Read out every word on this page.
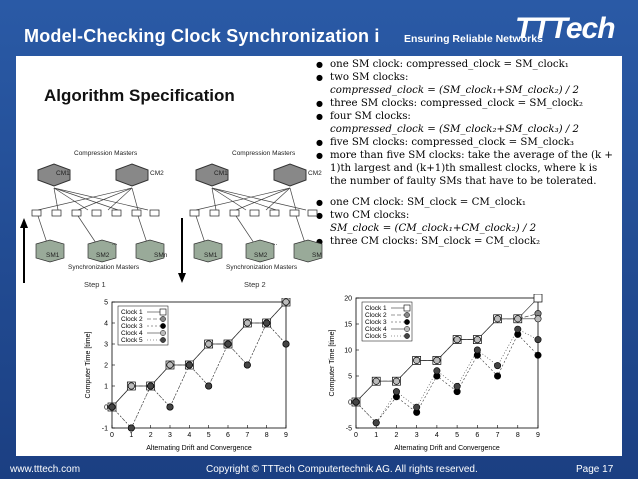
Model-Checking Clock Synchronization i Ensuring Reliable Networks
TTTech
Algorithm Specification
● one SM clock: compressed_clock = SM_clock₁
● two SM clocks:
compressed_clock = (SM_clock₁+SM_clock₂) / 2
● three SM clocks: compressed_clock = SM_clock₂
● four SM clocks:
compressed_clock = (SM_clock₂+SM_clock₃) / 2
● five SM clocks: compressed_clock = SM_clock₃
● more than five SM clocks: take the average of the (k + 1)th largest and (k+1)th smallest clocks, where k is the number of faulty SMs that have to be tolerated.
● one CM clock: SM_clock = CM_clock₁
● two CM clocks:
SM_clock = (CM_clock₁+CM_clock₂) / 2
● three CM clocks: SM_clock = CM_clock₂
Compression Masters
CM1	CM2
SM1	SM2
...
SMn
Synchronization Masters
Step 1
Compression Masters
CM1	CM2
SM1	SM2
...
SM
Synchronization Masters
Step 2
0 1 2 3 4 5 6 7 8 9
-1
0
1
2
3
4
5
Alternating Drift and Convergence
Computer Time [time]
Clock 1
Clock 2
Clock 3
Clock 4
Clock 5
0 1 2 3 4 5 6 7 8 9
-5
0
5
10
15
20
Alternating Drift and Convergence
Computer Time [time]
Clock 1
Clock 2
Clock 3
Clock 4
Clock 5
www.tttech.com	Copyright © TTTech Computertechnik AG. All rights reserved.	Page 17
